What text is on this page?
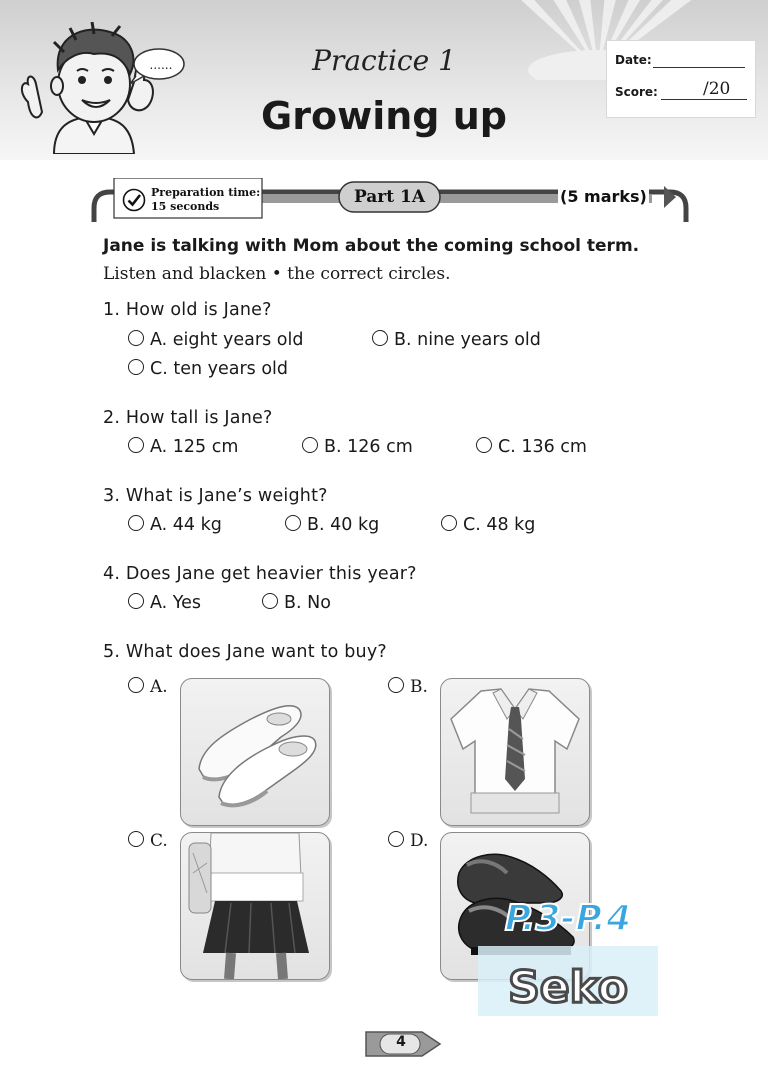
......	Practice 1
Growing up
Date:
Score:	/20
Preparation time:
15 seconds	Part 1A	(5 marks)
Jane is talking with Mom about the coming school term.
Listen and blacken • the correct circles.
1. How old is Jane?
A. eight years old	B. nine years old
C. ten years old
2. How tall is Jane?
A. 125 cm	B. 126 cm	C. 136 cm
3. What is Jane’s weight?
A. 44 kg	B. 40 kg	C. 48 kg
4. Does Jane get heavier this year?
A. Yes	B. No
5. What does Jane want to buy?
A.	B.
C.	D.
P.3-P.4
Seko
4
